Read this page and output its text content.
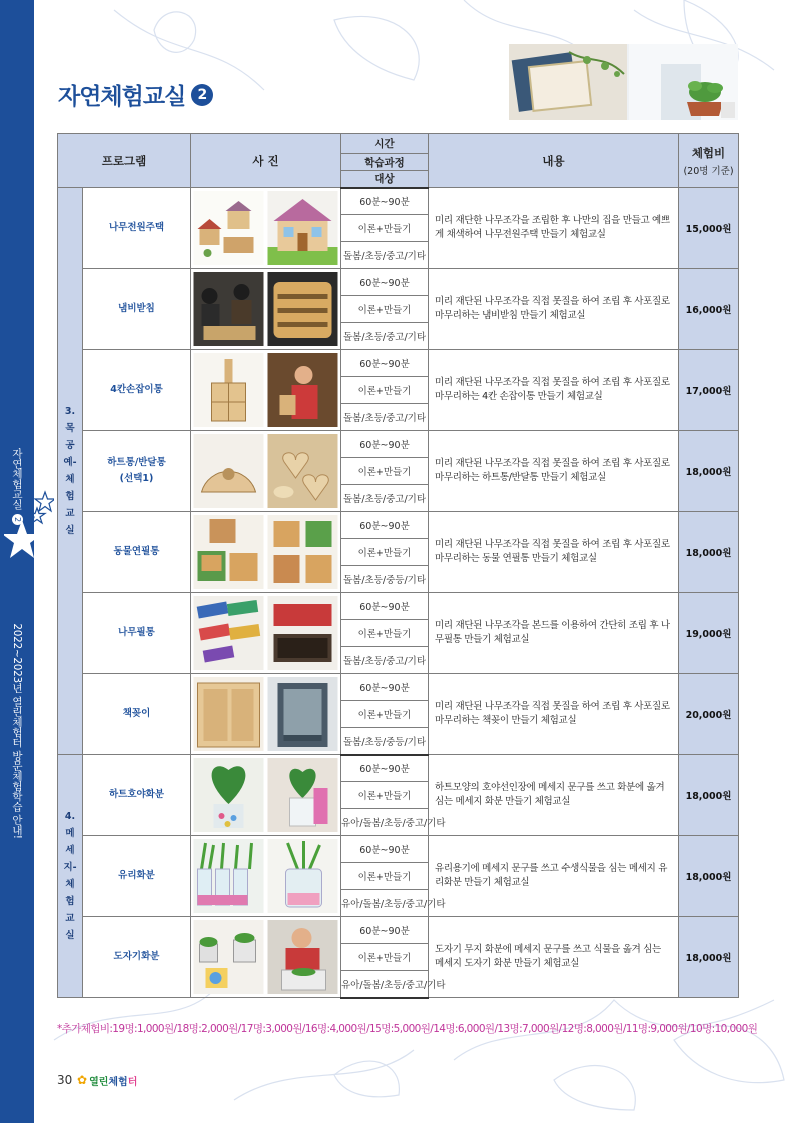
자연체험교실 2  2022~2023년 열린체험터 방문체험학습 안내!
자연체험교실 2
프로그램		사 진	시간	내용	체험비
(20명 기준)

			학습과정		
			대상		

3.목공예-체험교실	나무전원주택		60분~90분	미리 재단한 나무조각을 조립한 후 나만의 집을 만들고 예쁘게 채색하여 나무전원주택 만들기 체험교실	15,000원
			이론+만들기		
			돌봄/초등/중고/기타		
	냄비받침		60분~90분	미리 재단된 나무조각을 직접 못질을 하여 조립 후 사포질로 마무리하는 냄비받침 만들기 체험교실	16,000원
			이론+만들기		
			돌봄/초등/중고/기타		
	4칸손잡이통		60분~90분	미리 재단된 나무조각을 직접 못질을 하여 조립 후 사포질로 마무리하는 4칸 손잡이통 만들기 체험교실	17,000원
			이론+만들기		
			돌봄/초등/중고/기타		

	하트통/반달통
(선택1)		60분~90분	미리 재단된 나무조각을 직접 못질을 하여 조립 후 사포질로 마무리하는 하트통/반달통 만들기 체험교실	18,000원
			이론+만들기		
			돌봄/초등/중고/기타		
	동물연필통		60분~90분	미리 재단된 나무조각을 직접 못질을 하여 조립 후 사포질로 마무리하는 동물 연필통 만들기 체험교실	18,000원
			이론+만들기		
			돌봄/초등/중등/기타		
	나무필통		60분~90분	미리 재단된 나무조각을 본드를 이용하여 간단히 조립 후 나무필통 만들기 체험교실	19,000원
			이론+만들기		
			돌봄/초등/중고/기타		
	책꽂이		60분~90분	미리 재단된 나무조각을 직접 못질을 하여 조립 후 사포질로 마무리하는 책꽂이 만들기 체험교실	20,000원
			이론+만들기		
			돌봄/초등/중등/기타		

4.메세지-체험교실	하트호야화분		60분~90분	하트모양의 호야선인장에 메세지 문구를 쓰고 화분에 옮겨 심는 메세지 화분 만들기 체험교실	18,000원
			이론+만들기		
			유아/돌봄/초등/중고/기타		
	유리화분		60분~90분	유리용기에 메세지 문구를 쓰고 수생식물을 심는 메세지 유리화분 만들기 체험교실	18,000원
			이론+만들기		
			유아/돌봄/초등/중고/기타		
	도자기화분		60분~90분	도자기 무지 화분에 메세지 문구를 쓰고 식물을 옮겨 심는 메세지 도자기 화분 만들기 체험교실	18,000원
			이론+만들기		
			유아/돌봄/초등/중고/기타		
*추가체험비:19명:1,000원/18명:2,000원/17명:3,000원/16명:4,000원/15명:5,000원/14명:6,000원/13명:7,000원/12명:8,000원/11명:9,000원/10명:10,000원
30 ✿ 열린 체험 터
